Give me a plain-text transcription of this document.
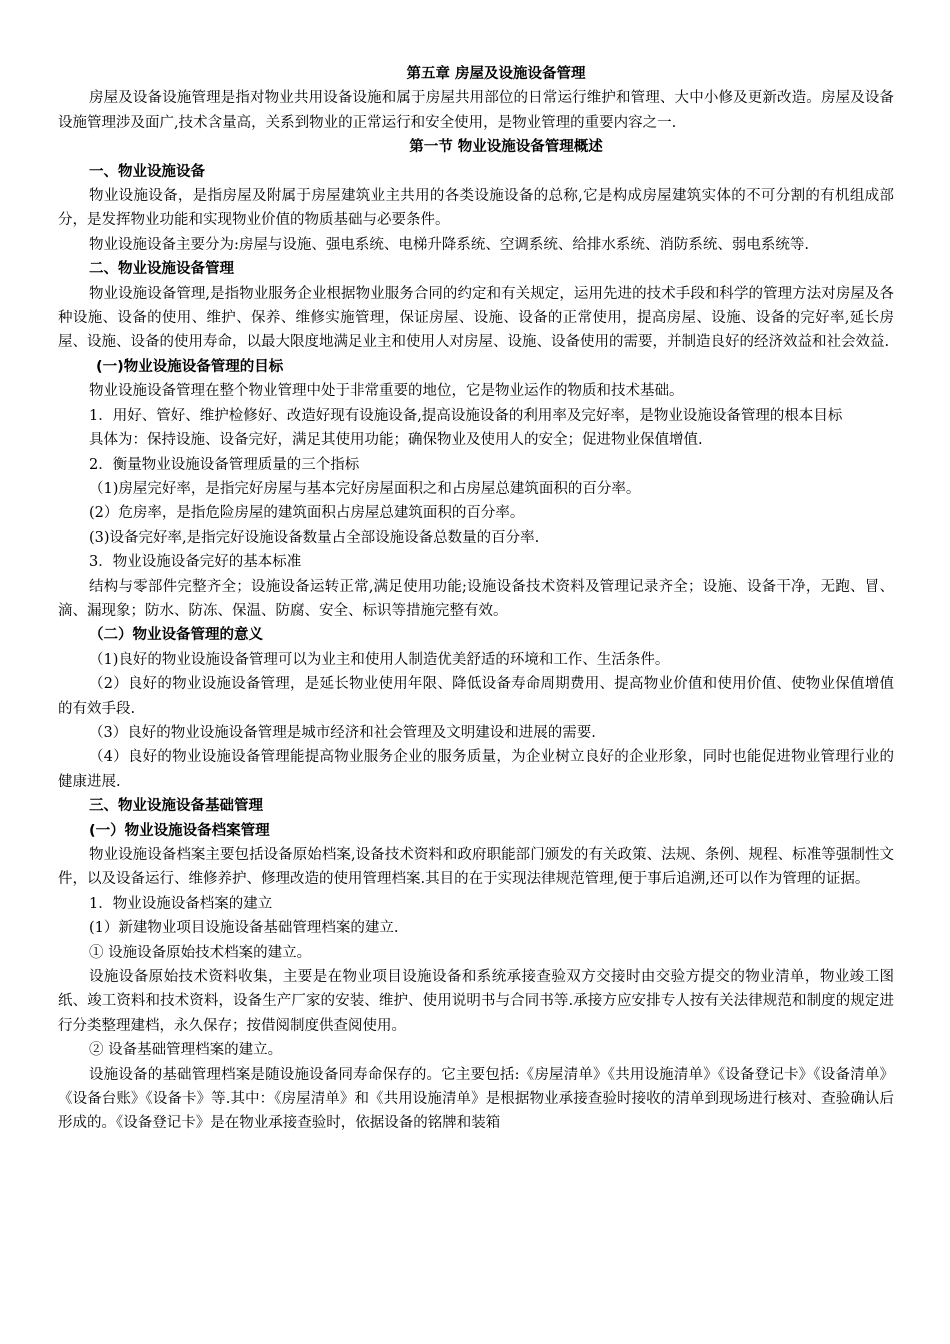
第五章 房屋及设施设备管理

房屋及设备设施管理是指对物业共用设备设施和属于房屋共用部位的日常运行维护和管理、大中小修及更新改造。房屋及设备设施管理涉及面广,技术含量高，关系到物业的正常运行和安全使用，是物业管理的重要内容之一.

第一节 物业设施设备管理概述

一、物业设施设备

物业设施设备，是指房屋及附属于房屋建筑业主共用的各类设施设备的总称,它是构成房屋建筑实体的不可分割的有机组成部分，是发挥物业功能和实现物业价值的物质基础与必要条件。

物业设施设备主要分为:房屋与设施、强电系统、电梯升降系统、空调系统、给排水系统、消防系统、弱电系统等.

二、物业设施设备管理

物业设施设备管理,是指物业服务企业根据物业服务合同的约定和有关规定，运用先进的技术手段和科学的管理方法对房屋及各种设施、设备的使用、维护、保养、维修实施管理，保证房屋、设施、设备的正常使用，提高房屋、设施、设备的完好率,延长房屋、设施、设备的使用寿命，以最大限度地满足业主和使用人对房屋、设施、设备使用的需要，并制造良好的经济效益和社会效益.

(一)物业设施设备管理的目标

物业设施设备管理在整个物业管理中处于非常重要的地位，它是物业运作的物质和技术基础。

1．用好、管好、维护检修好、改造好现有设施设备,提高设施设备的利用率及完好率，是物业设施设备管理的根本目标

具体为：保持设施、设备完好，满足其使用功能；确保物业及使用人的安全；促进物业保值增值.

2．衡量物业设施设备管理质量的三个指标

（1)房屋完好率，是指完好房屋与基本完好房屋面积之和占房屋总建筑面积的百分率。

(2）危房率，是指危险房屋的建筑面积占房屋总建筑面积的百分率。

(3)设备完好率,是指完好设施设备数量占全部设施设备总数量的百分率.

3．物业设施设备完好的基本标准

结构与零部件完整齐全；设施设备运转正常,满足使用功能;设施设备技术资料及管理记录齐全；设施、设备干净，无跑、冒、滴、漏现象；防水、防冻、保温、防腐、安全、标识等措施完整有效。

（二）物业设备管理的意义

（1)良好的物业设施设备管理可以为业主和使用人制造优美舒适的环境和工作、生活条件。

（2）良好的物业设施设备管理，是延长物业使用年限、降低设备寿命周期费用、提高物业价值和使用价值、使物业保值增值的有效手段.

（3）良好的物业设施设备管理是城市经济和社会管理及文明建设和进展的需要.

（4）良好的物业设施设备管理能提高物业服务企业的服务质量，为企业树立良好的企业形象，同时也能促进物业管理行业的健康进展.

三、物业设施设备基础管理

(一）物业设施设备档案管理

物业设施设备档案主要包括设备原始档案,设备技术资料和政府职能部门颁发的有关政策、法规、条例、规程、标准等强制性文件，以及设备运行、维修养护、修理改造的使用管理档案.其目的在于实现法律规范管理,便于事后追溯,还可以作为管理的证据。

1．物业设施设备档案的建立

(1）新建物业项目设施设备基础管理档案的建立.

① 设施设备原始技术档案的建立。

设施设备原始技术资料收集，主要是在物业项目设施设备和系统承接查验双方交接时由交验方提交的物业清单，物业竣工图纸、竣工资料和技术资料，设备生产厂家的安装、维护、使用说明书与合同书等.承接方应安排专人按有关法律规范和制度的规定进行分类整理建档，永久保存；按借阅制度供查阅使用。

② 设备基础管理档案的建立。

设施设备的基础管理档案是随设施设备同寿命保存的。它主要包括:《房屋清单》《共用设施清单》《设备登记卡》《设备清单》《设备台账》《设备卡》等.其中：《房屋清单》和《共用设施清单》是根据物业承接查验时接收的清单到现场进行核对、查验确认后形成的。《设备登记卡》是在物业承接查验时，依据设备的铭牌和装箱
